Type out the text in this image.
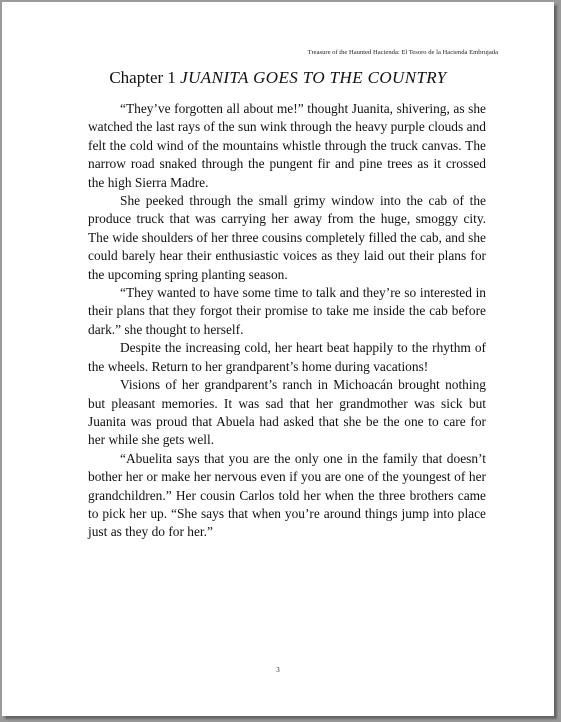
Treasure of the Haunted Hacienda: El Tesoro de la Hacienda Embrujada
Chapter 1 JUANITA GOES TO THE COUNTRY

“They’ve forgotten all about me!” thought Juanita, shivering, as she watched the last rays of the sun wink through the heavy purple clouds and felt the cold wind of the mountains whistle through the truck canvas. The narrow road snaked through the pungent fir and pine trees as it crossed the high Sierra Madre.

She peeked through the small grimy window into the cab of the produce truck that was carrying her away from the huge, smoggy city. The wide shoulders of her three cousins completely filled the cab, and she could barely hear their enthusiastic voices as they laid out their plans for the upcoming spring planting season.

“They wanted to have some time to talk and they’re so interested in their plans that they forgot their promise to take me inside the cab before dark.” she thought to herself.

Despite the increasing cold, her heart beat happily to the rhythm of the wheels. Return to her grandparent’s home during vacations!

Visions of her grandparent’s ranch in Michoacán brought nothing but pleasant memories. It was sad that her grandmother was sick but Juanita was proud that Abuela had asked that she be the one to care for her while she gets well.

“Abuelita says that you are the only one in the family that doesn’t bother her or make her nervous even if you are one of the youngest of her grandchildren.” Her cousin Carlos told her when the three brothers came to pick her up. “She says that when you’re around things jump into place just as they do for her.”

3
